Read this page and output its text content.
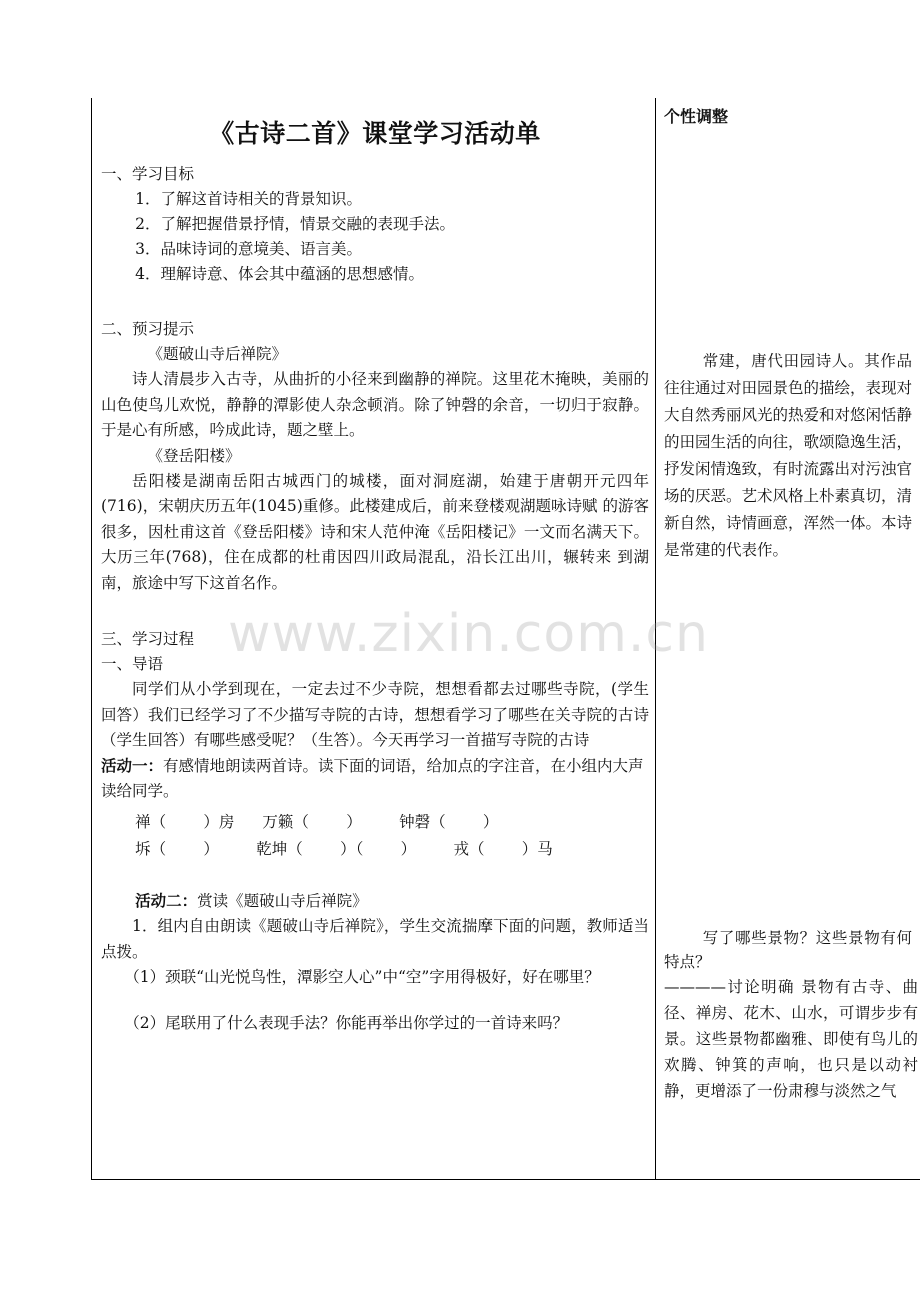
《古诗二首》课堂学习活动单

一、学习目标

1．了解这首诗相关的背景知识。

2．了解把握借景抒情，情景交融的表现手法。

3．品味诗词的意境美、语言美。

4．理解诗意、体会其中蕴涵的思想感情。

二、预习提示

《题破山寺后禅院》

诗人清晨步入古寺，从曲折的小径来到幽静的禅院。这里花木掩映，美丽的山色使鸟儿欢悦，静静的潭影使人杂念顿消。除了钟磬的余音，一切归于寂静。于是心有所感，吟成此诗，题之壁上。

《登岳阳楼》

岳阳楼是湖南岳阳古城西门的城楼，面对洞庭湖，始建于唐朝开元四年(716)，宋朝庆历五年(1045)重修。此楼建成后，前来登楼观湖题咏诗赋 的游客很多，因杜甫这首《登岳阳楼》诗和宋人范仲淹《岳阳楼记》一文而名满天下。大历三年(768)，住在成都的杜甫因四川政局混乱，沿长江出川，辗转来 到湖南，旅途中写下这首名作。

三、学习过程

一、导语

同学们从小学到现在，一定去过不少寺院，想想看都去过哪些寺院，(学生回答）我们已经学习了不少描写寺院的古诗，想想看学习了哪些在关寺院的古诗（学生回答）有哪些感受呢？（生答）。今天再学习一首描写寺院的古诗

活动一：有感情地朗读两首诗。读下面的词语，给加点的字注音，在小组内大声读给同学。

禅（    ）房   万籁（    ）    钟磬（    ）

坼（    ）    乾坤（    ）（    ）    戎（    ）马

活动二：赏读《题破山寺后禅院》

1．组内自由朗读《题破山寺后禅院》，学生交流揣摩下面的问题，教师适当点拨。

（1）颈联“山光悦鸟性，潭影空人心”中“空”字用得极好，好在哪里？

（2）尾联用了什么表现手法？你能再举出你学过的一首诗来吗？

个性调整

常建，唐代田园诗人。其作品往往通过对田园景色的描绘，表现对大自然秀丽风光的热爱和对悠闲恬静的田园生活的向往，歌颂隐逸生活，抒发闲情逸致，有时流露出对污浊官场的厌恶。艺术风格上朴素真切，清新自然，诗情画意，浑然一体。本诗是常建的代表作。

写了哪些景物？这些景物有何特点？

————讨论明确 景物有古寺、曲径、禅房、花木、山水，可谓步步有景。这些景物都幽雅、即使有鸟儿的欢腾、钟箕的声响，也只是以动衬静，更增添了一份肃穆与淡然之气

www.zixin.com.cn
